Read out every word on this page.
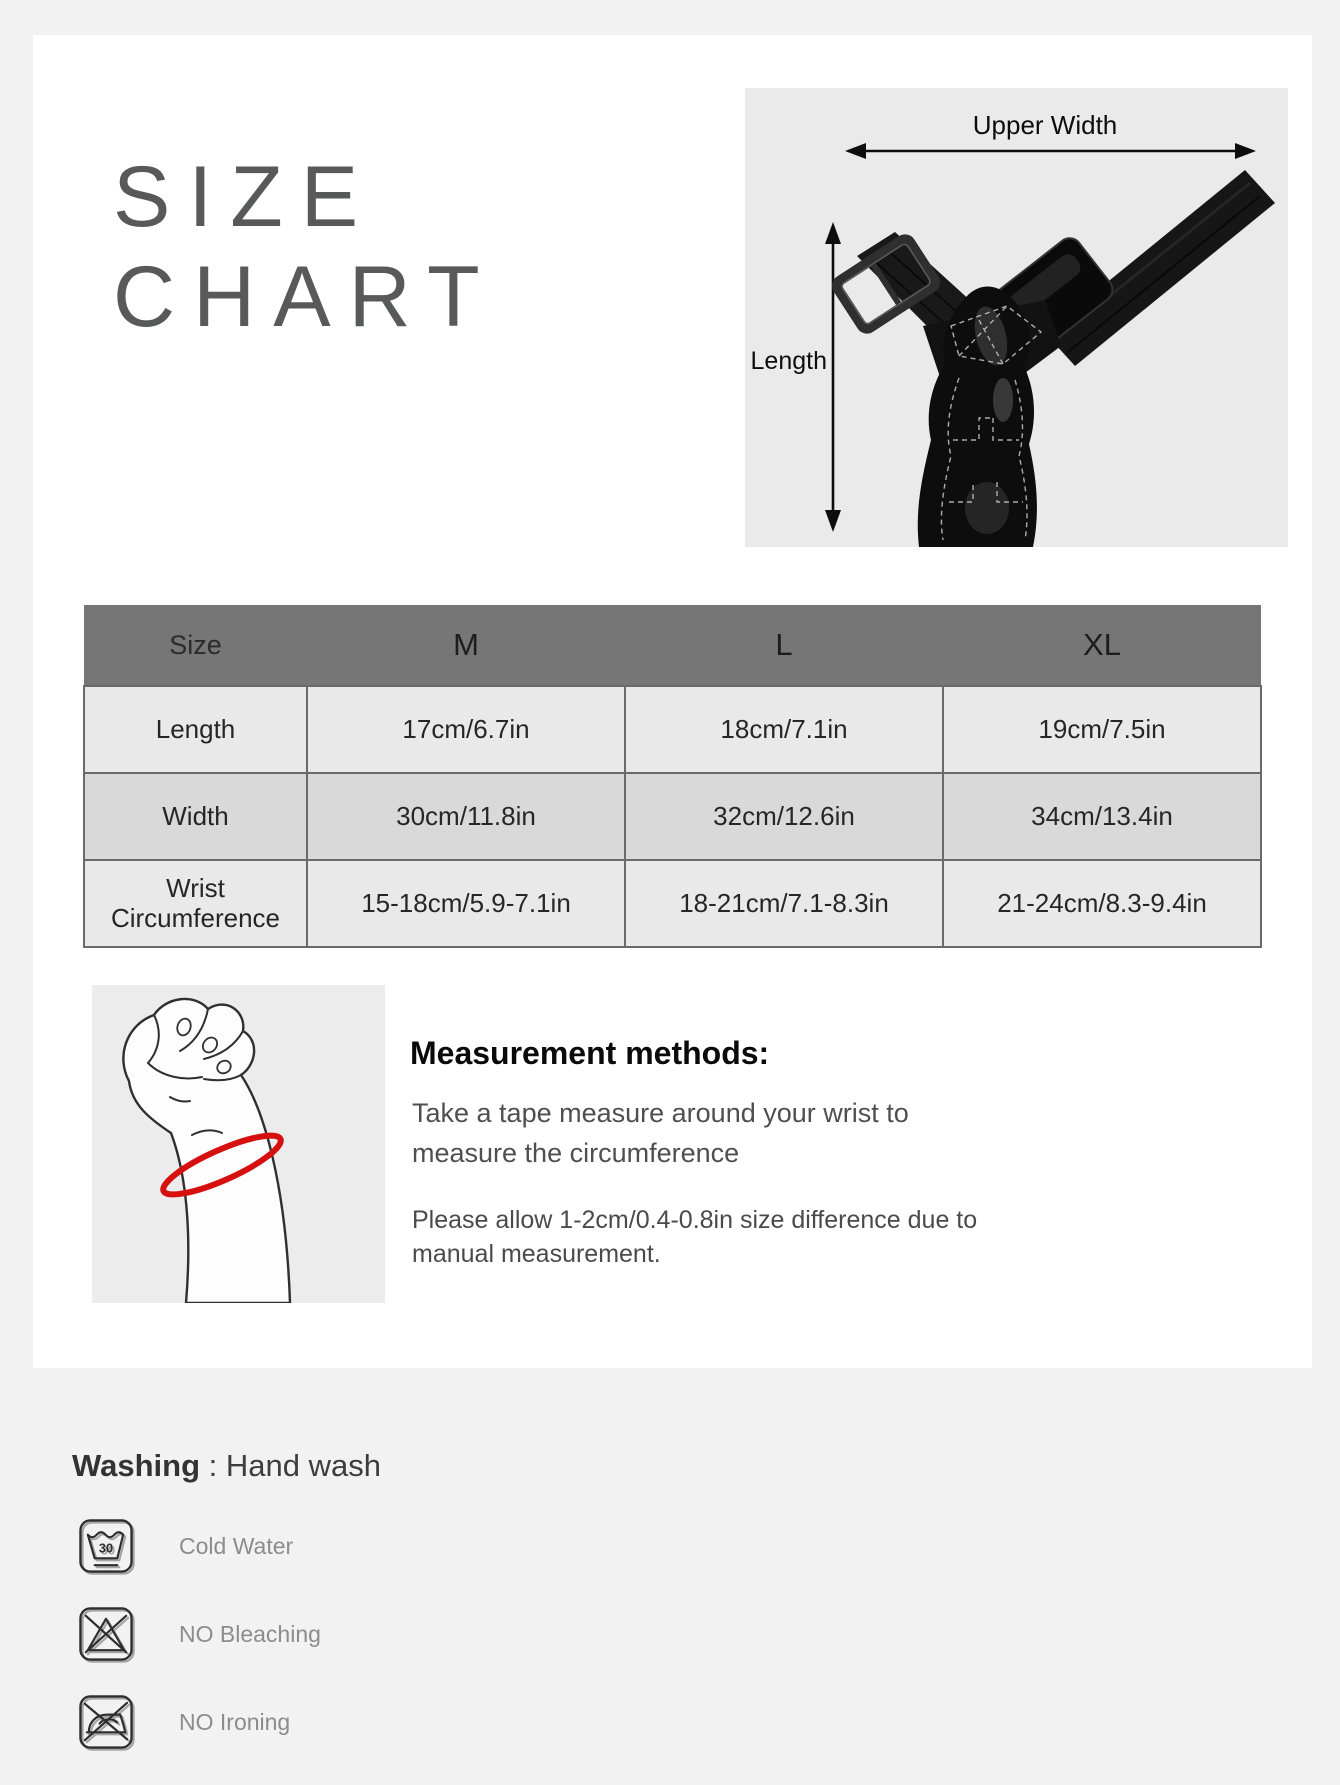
SIZE
CHART
Upper Width
Length
Size	M	L	XL
Length	17cm/6.7in	18cm/7.1in	19cm/7.5in
Width	30cm/11.8in	32cm/12.6in	34cm/13.4in
Wrist Circumference	15-18cm/5.9-7.1in	18-21cm/7.1-8.3in	21-24cm/8.3-9.4in
Measurement methods:

Take a tape measure around your wrist to measure the circumference

Please allow 1-2cm/0.4-0.8in size difference due to manual measurement.

Washing : Hand wash
30	Cold Water
NO Bleaching
NO Ironing
